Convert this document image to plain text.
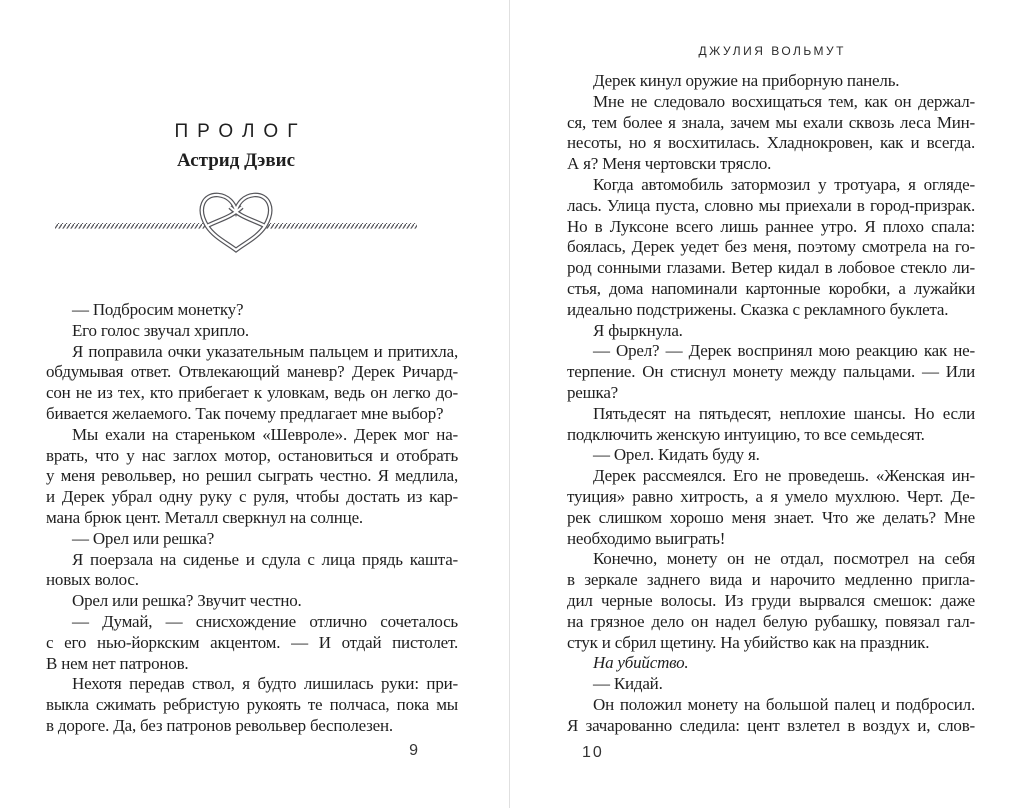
ПРОЛОГ
Астрид Дэвис
— Подбросим монетку?
Его голос звучал хрипло.
Я поправила очки указательным пальцем и притихла,
обдумывая ответ. Отвлекающий маневр? Дерек Ричард-
сон не из тех, кто прибегает к уловкам, ведь он легко до-
бивается желаемого. Так почему предлагает мне выбор?
Мы ехали на стареньком «Шевроле». Дерек мог на-
врать, что у нас заглох мотор, остановиться и отобрать
у меня револьвер, но решил сыграть честно. Я медлила,
и Дерек убрал одну руку с руля, чтобы достать из кар-
мана брюк цент. Металл сверкнул на солнце.
— Орел или решка?
Я поерзала на сиденье и сдула с лица прядь кашта-
новых волос.
Орел или решка? Звучит честно.
— Думай, — снисхождение отлично сочеталось
с его нью-йоркским акцентом. — И отдай пистолет.
В нем нет патронов.
Нехотя передав ствол, я будто лишилась руки: при-
выкла сжимать ребристую рукоять те полчаса, пока мы
в дороге. Да, без патронов револьвер бесполезен.
9
ДЖУЛИЯ ВОЛЬМУТ
Дерек кинул оружие на приборную панель.
Мне не следовало восхищаться тем, как он держал-
ся, тем более я знала, зачем мы ехали сквозь леса Мин-
несоты, но я восхитилась. Хладнокровен, как и всегда.
А я? Меня чертовски трясло.
Когда автомобиль затормозил у тротуара, я огляде-
лась. Улица пуста, словно мы приехали в город-призрак.
Но в Луксоне всего лишь раннее утро. Я плохо спала:
боялась, Дерек уедет без меня, поэтому смотрела на го-
род сонными глазами. Ветер кидал в лобовое стекло ли-
стья, дома напоминали картонные коробки, а лужайки
идеально подстрижены. Сказка с рекламного буклета.
Я фыркнула.
— Орел? — Дерек воспринял мою реакцию как не-
терпение. Он стиснул монету между пальцами. — Или
решка?
Пятьдесят на пятьдесят, неплохие шансы. Но если
подключить женскую интуицию, то все семьдесят.
— Орел. Кидать буду я.
Дерек рассмеялся. Его не проведешь. «Женская ин-
туиция» равно хитрость, а я умело мухлюю. Черт. Де-
рек слишком хорошо меня знает. Что же делать? Мне
необходимо выиграть!
Конечно, монету он не отдал, посмотрел на себя
в зеркале заднего вида и нарочито медленно пригла-
дил черные волосы. Из груди вырвался смешок: даже
на грязное дело он надел белую рубашку, повязал гал-
стук и сбрил щетину. На убийство как на праздник.
На убийство.
— Кидай.
Он положил монету на большой палец и подбросил.
Я зачарованно следила: цент взлетел в воздух и, слов-
10
